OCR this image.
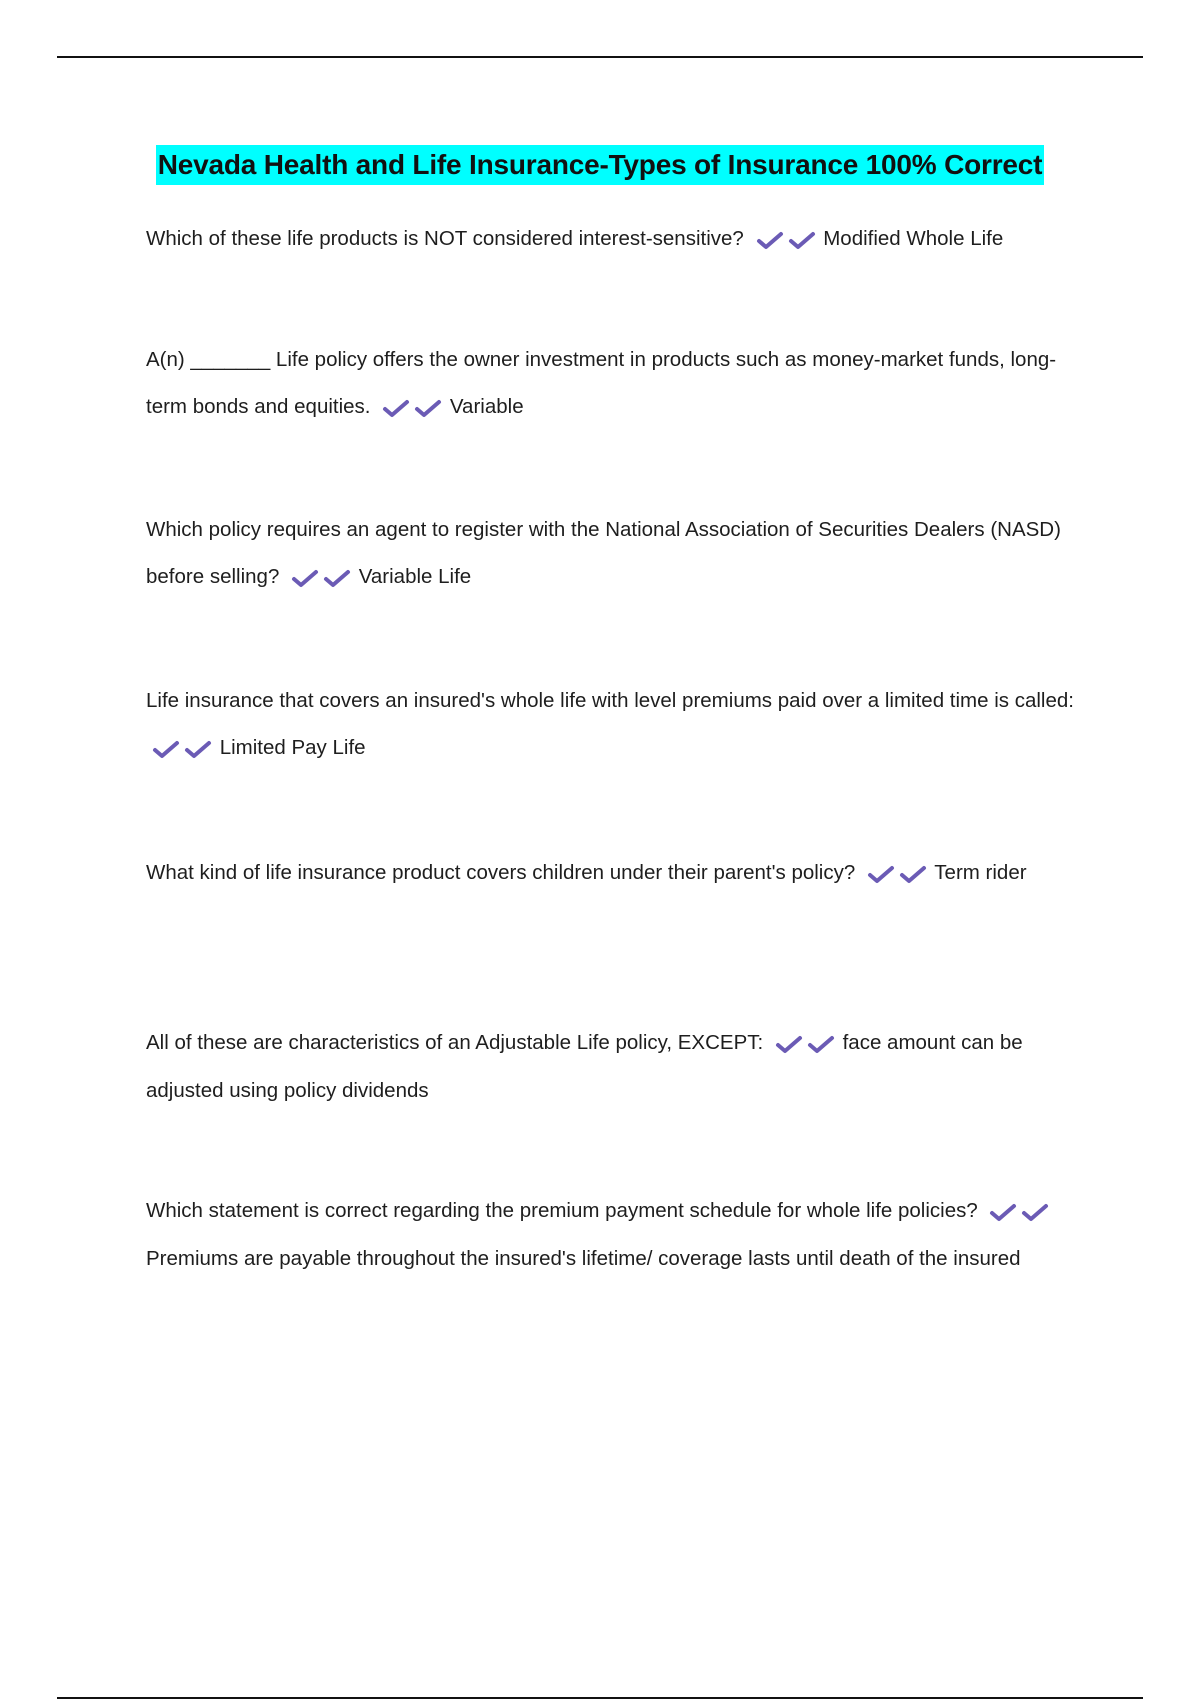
Nevada Health and Life Insurance-Types of Insurance 100% Correct
Which of these life products is NOT considered interest-sensitive?	Modified Whole Life
A(n) _______ Life policy offers the owner investment in products such as money-market funds, long-term bonds and equities.	Variable
Which policy requires an agent to register with the National Association of Securities Dealers (NASD) before selling?	Variable Life
Life insurance that covers an insured's whole life with level premiums paid over a limited time is called:
Limited Pay Life
What kind of life insurance product covers children under their parent's policy?	Term rider
All of these are characteristics of an Adjustable Life policy, EXCEPT:	face amount can be adjusted using policy dividends
Which statement is correct regarding the premium payment schedule for whole life policies?
Premiums are payable throughout the insured's lifetime/ coverage lasts until death of the insured
